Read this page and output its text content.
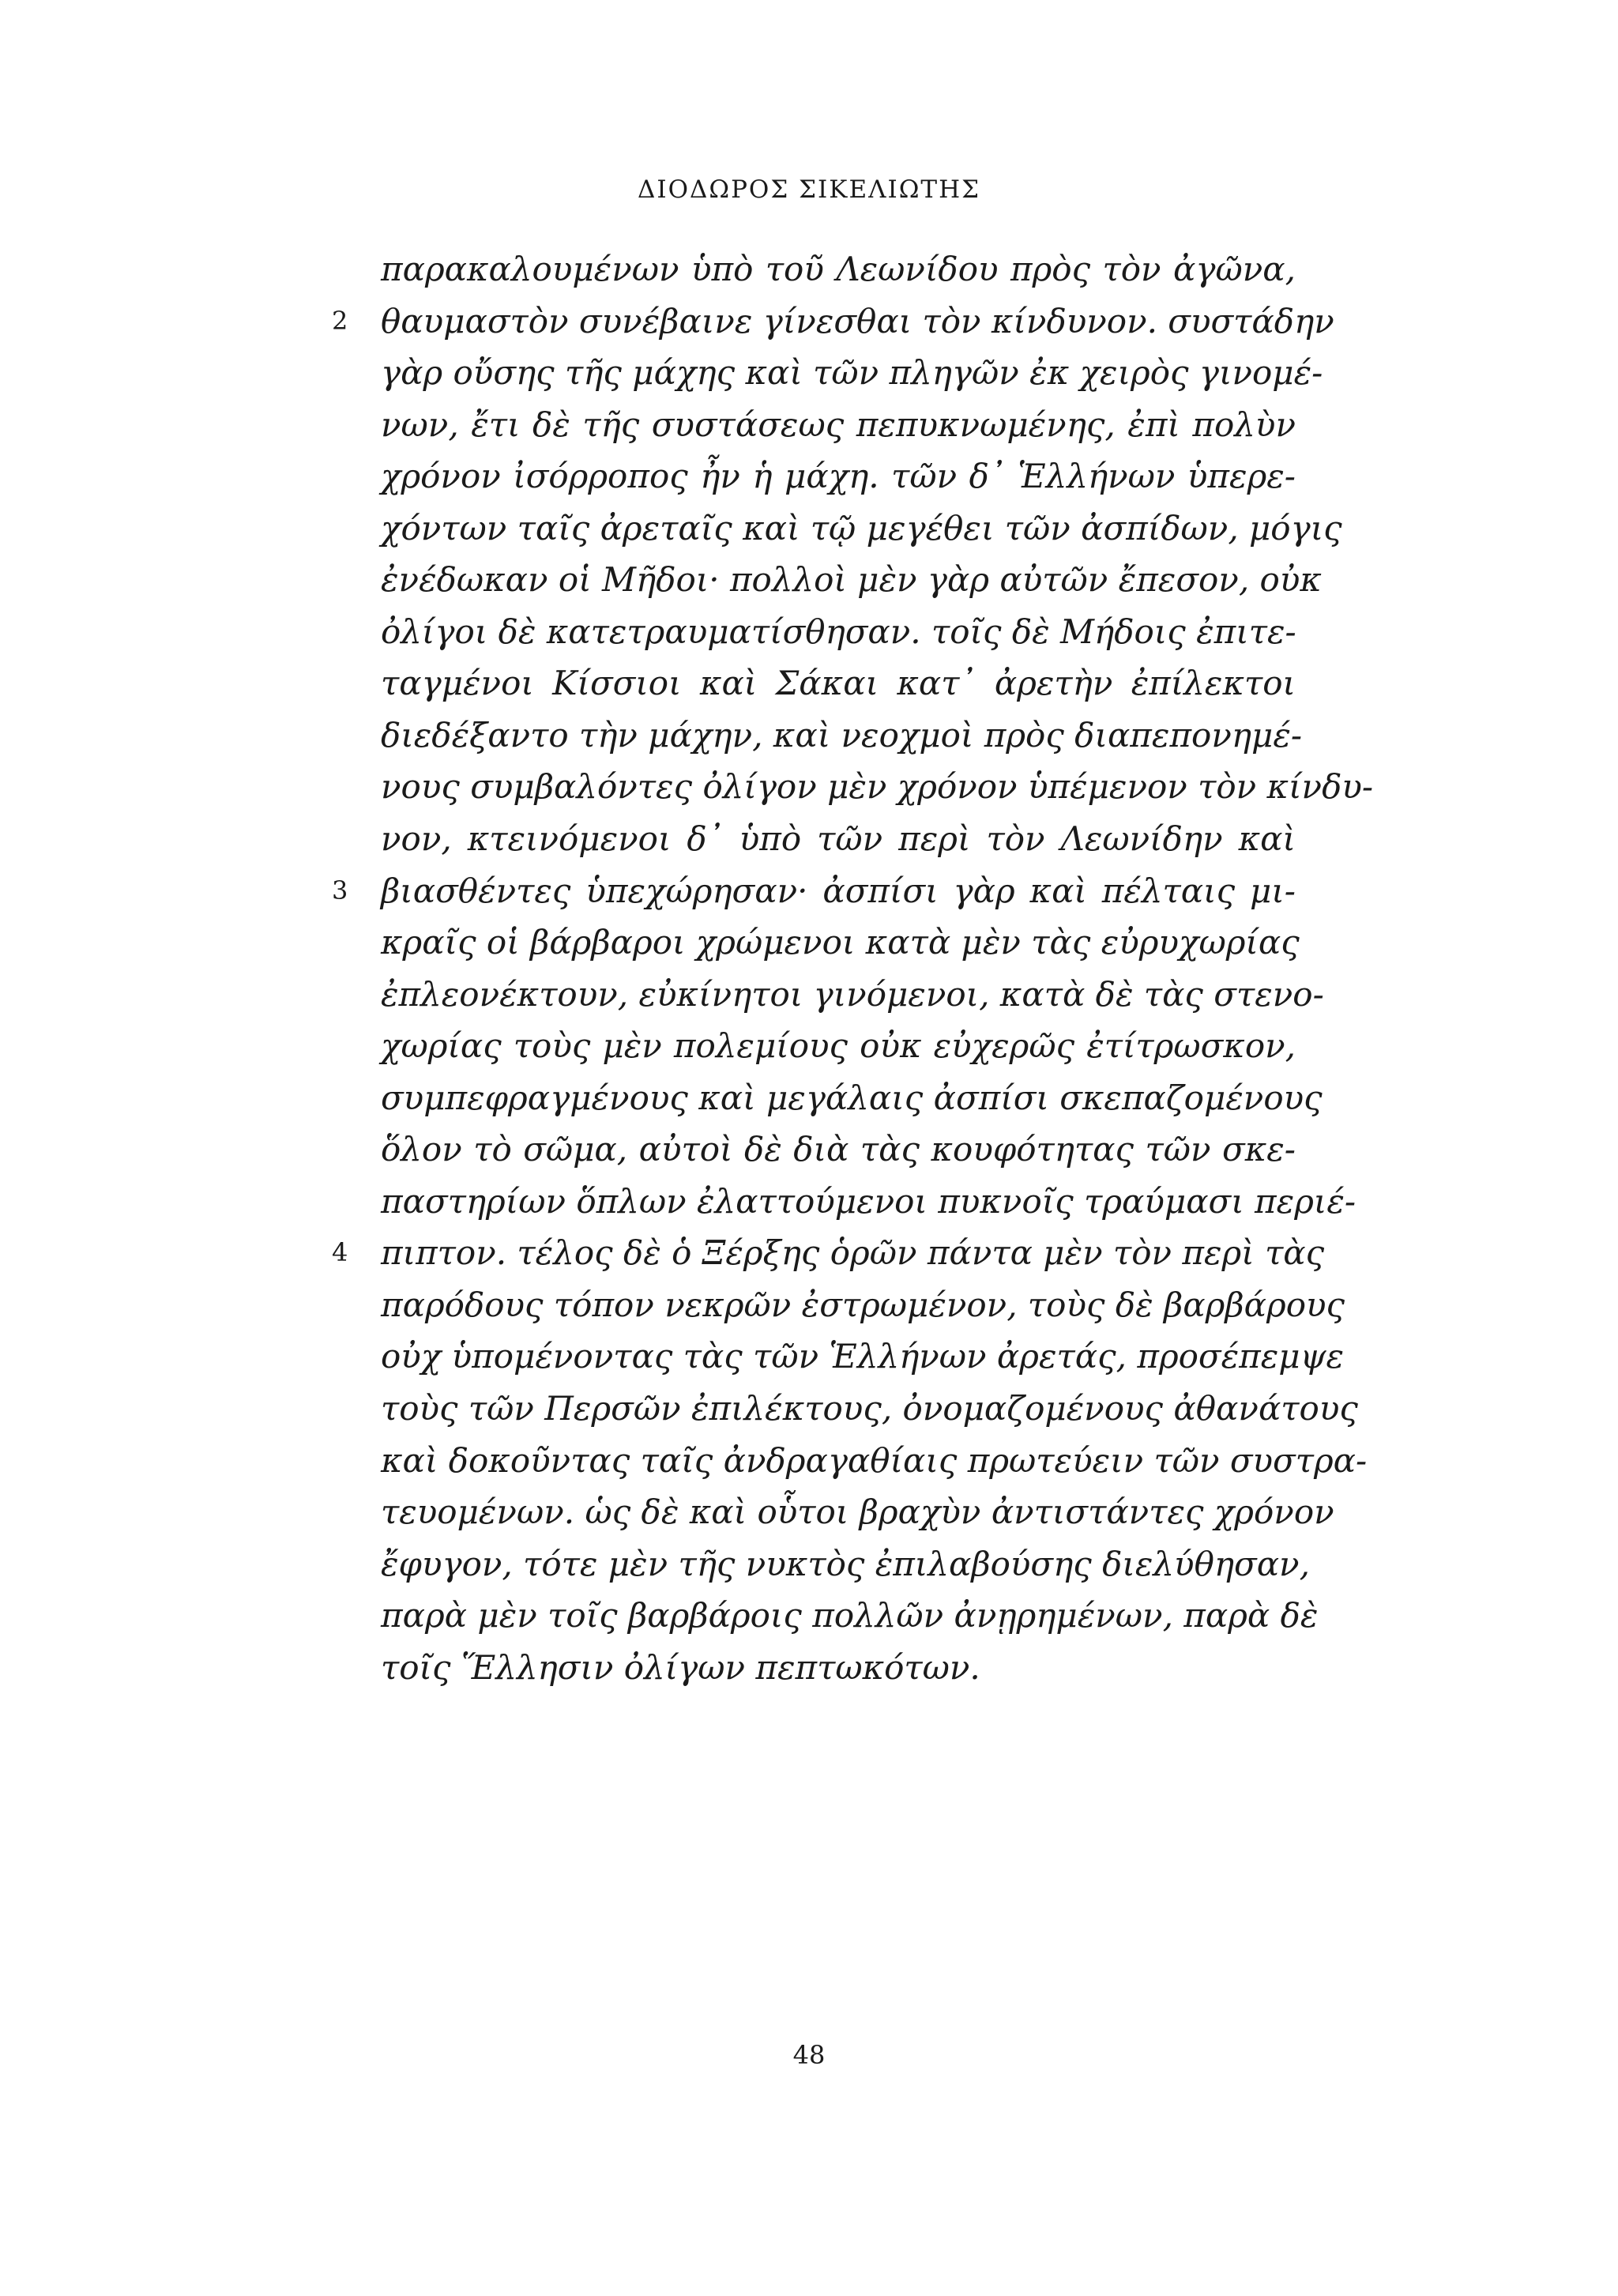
ΔΙΟΔΩΡΟΣ ΣΙΚΕΛΙΩΤΗΣ
παρακαλουμένων ὑπὸ τοῦ Λεωνίδου πρὸς τὸν ἀγῶνα,
2 θαυμαστὸν συνέβαινε γίνεσθαι τὸν κίνδυνον. συστάδην
γὰρ οὔσης τῆς μάχης καὶ τῶν πληγῶν ἐκ χειρὸς γινομέ-
νων, ἔτι δὲ τῆς συστάσεως πεπυκνωμένης, ἐπὶ πολὺν
χρόνον ἰσόρροπος ἦν ἡ μάχη. τῶν δ᾽ Ἑλλήνων ὑπερε-
χόντων ταῖς ἀρεταῖς καὶ τῷ μεγέθει τῶν ἀσπίδων, μόγις
ἐνέδωκαν οἱ Μῆδοι· πολλοὶ μὲν γὰρ αὐτῶν ἔπεσον, οὐκ
ὀλίγοι δὲ κατετραυματίσθησαν. τοῖς δὲ Μήδοις ἐπιτε-
ταγμένοι Κίσσιοι καὶ Σάκαι κατ᾽ ἀρετὴν ἐπίλεκτοι
διεδέξαντο τὴν μάχην, καὶ νεοχμοὶ πρὸς διαπεπονημέ-
νους συμβαλόντες ὀλίγον μὲν χρόνον ὑπέμενον τὸν κίνδυ-
νον, κτεινόμενοι δ᾽ ὑπὸ τῶν περὶ τὸν Λεωνίδην καὶ
3 βιασθέντες ὑπεχώρησαν· ἀσπίσι γὰρ καὶ πέλταις μι-
κραῖς οἱ βάρβαροι χρώμενοι κατὰ μὲν τὰς εὐρυχωρίας
ἐπλεονέκτουν, εὐκίνητοι γινόμενοι, κατὰ δὲ τὰς στενο-
χωρίας τοὺς μὲν πολεμίους οὐκ εὐχερῶς ἐτίτρωσκον,
συμπεφραγμένους καὶ μεγάλαις ἀσπίσι σκεπαζομένους
ὅλον τὸ σῶμα, αὐτοὶ δὲ διὰ τὰς κουφότητας τῶν σκε-
παστηρίων ὅπλων ἐλαττούμενοι πυκνοῖς τραύμασι περιέ-
4 πιπτον. τέλος δὲ ὁ Ξέρξης ὁρῶν πάντα μὲν τὸν περὶ τὰς
παρόδους τόπον νεκρῶν ἐστρωμένον, τοὺς δὲ βαρβάρους
οὐχ ὑπομένοντας τὰς τῶν Ἑλλήνων ἀρετάς, προσέπεμψε
τοὺς τῶν Περσῶν ἐπιλέκτους, ὀνομαζομένους ἀθανάτους
καὶ δοκοῦντας ταῖς ἀνδραγαθίαις πρωτεύειν τῶν συστρα-
τευομένων. ὡς δὲ καὶ οὗτοι βραχὺν ἀντιστάντες χρόνον
ἔφυγον, τότε μὲν τῆς νυκτὸς ἐπιλαβούσης διελύθησαν,
παρὰ μὲν τοῖς βαρβάροις πολλῶν ἀνῃρημένων, παρὰ δὲ
τοῖς Ἕλλησιν ὀλίγων πεπτωκότων.
48
